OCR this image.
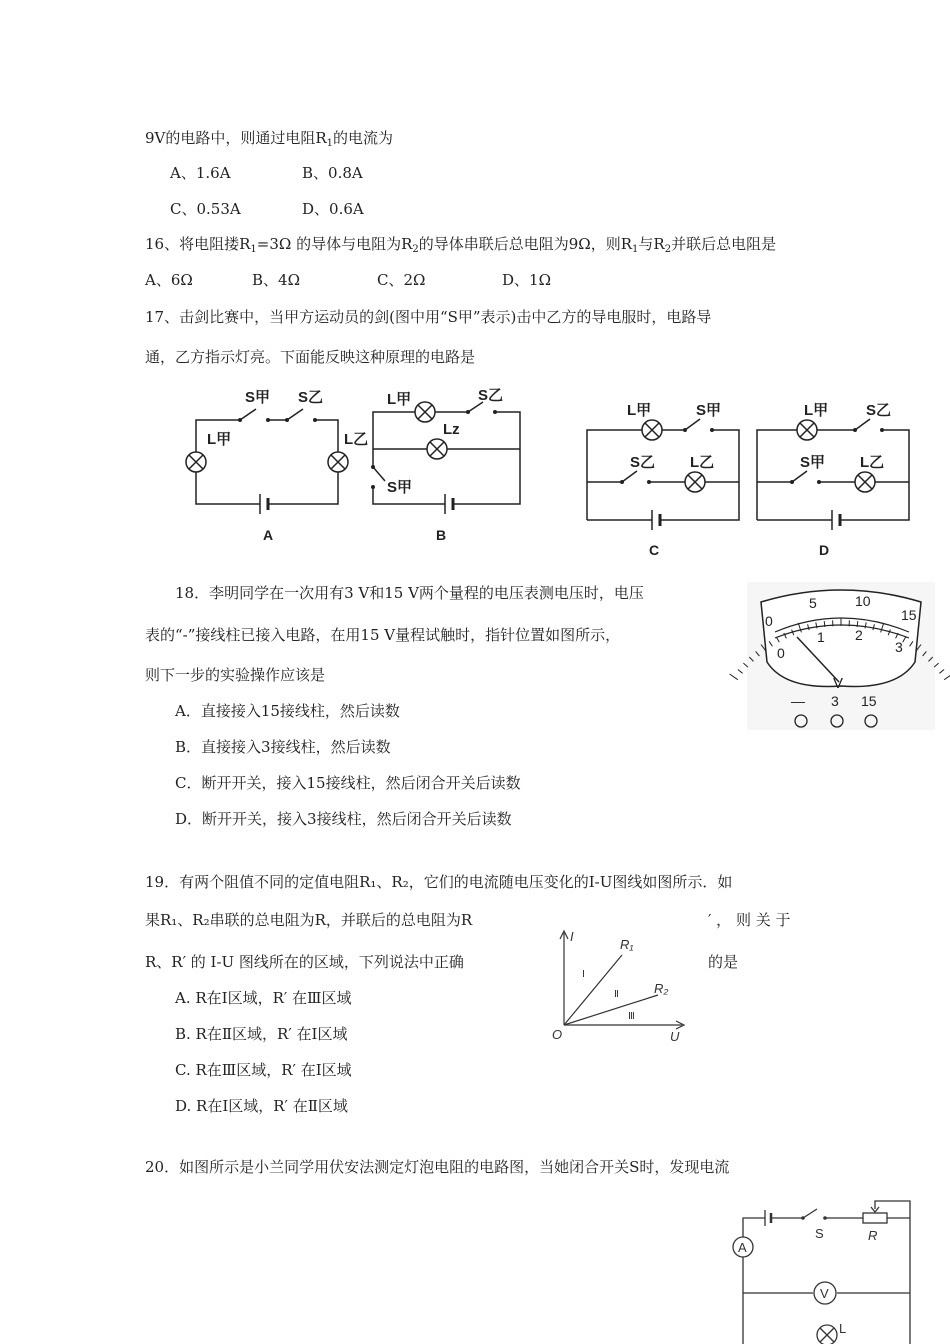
9V的电路中，则通过电阻$R_1$的电流为
A、1.6A	B、0.8A
C、0.53A	D、0.6A
16、将电阻搂$R_1=3\Omega$ 的导体与电阻为$R_2$的导体串联后总电阻为9Ω，则$R_1$与$R_2$并联后总电阻是
A、6Ω	B、4Ω	C、2Ω	D、1Ω
17、击剑比赛中，当甲方运动员的剑(图中用“S甲”表示)击中乙方的导电服时，电路导
通，乙方指示灯亮。下面能反映这种原理的电路是
S甲 S乙
L甲	L乙
A
L甲	S乙
Lz
S甲
B
L甲	S甲
S乙 L乙
C
L甲	S乙
S甲 L乙
D
18．李明同学在一次用有3 V和15 V两个量程的电压表测电压时，电压
表的“-”接线柱已接入电路，在用15 V量程试触时，指针位置如图所示，
则下一步的实验操作应该是
A．直接接入15接线柱，然后读数
B．直接接入3接线柱，然后读数
C．断开开关，接入15接线柱，然后闭合开关后读数
D．断开开关，接入3接线柱，然后闭合开关后读数
0
5	10
15
0
1 2
3
V
— 3 15
19．有两个阻值不同的定值电阻R₁、R₂，它们的电流随电压变化的I-U图线如图所示．如
果R₁、R₂串联的总电阻为R，并联后的总电阻为R	′ ， 则 关 于
R、R′ 的 I-U 图线所在的区域，下列说法中正确	的是
A. R在Ⅰ区域，R′ 在Ⅲ区域
B. R在Ⅱ区域，R′ 在Ⅰ区域
C. R在Ⅲ区域，R′ 在Ⅰ区域
D. R在Ⅰ区域，R′ 在Ⅱ区域
I
U
O
R₁
R₂
Ⅰ
Ⅱ
Ⅲ
20．如图所示是小兰同学用伏安法测定灯泡电阻的电路图，当她闭合开关S时，发现电流
A
V
S	R
L
